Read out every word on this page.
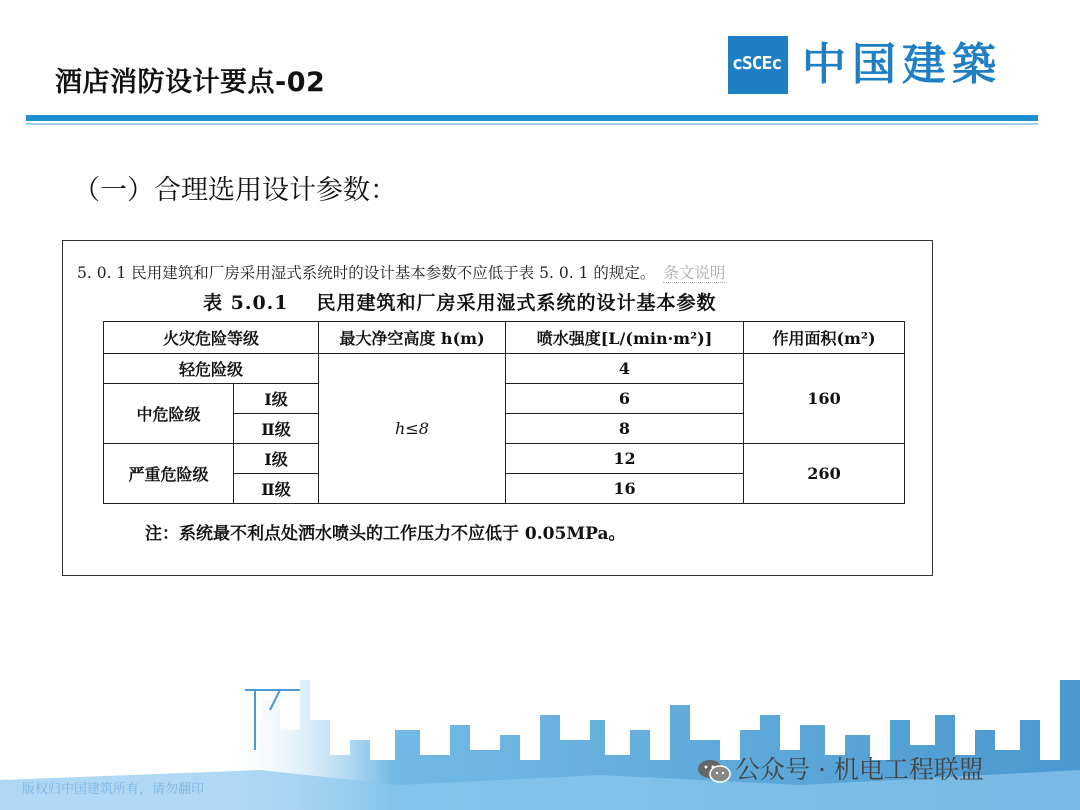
酒店消防设计要点-02
cSCEc 中国建築
（一）合理选用设计参数：
5. 0. 1 民用建筑和厂房采用湿式系统时的设计基本参数不应低于表 5. 0. 1 的规定。 条文说明
表 5.0.1 民用建筑和厂房采用湿式系统的设计基本参数
火灾危险等级		最大净空高度 h(m)	喷水强度[L/(min·m²)]	作用面积(m²)
轻危险级		h≤8	4	160
中危险级	Ⅰ级		6	
	Ⅱ级		8	
严重危险级	Ⅰ级		12	260
	Ⅱ级		16	
注：系统最不利点处洒水喷头的工作压力不应低于 0.05MPa。
版权归中国建筑所有，请勿翻印
公众号 · 机电工程联盟
